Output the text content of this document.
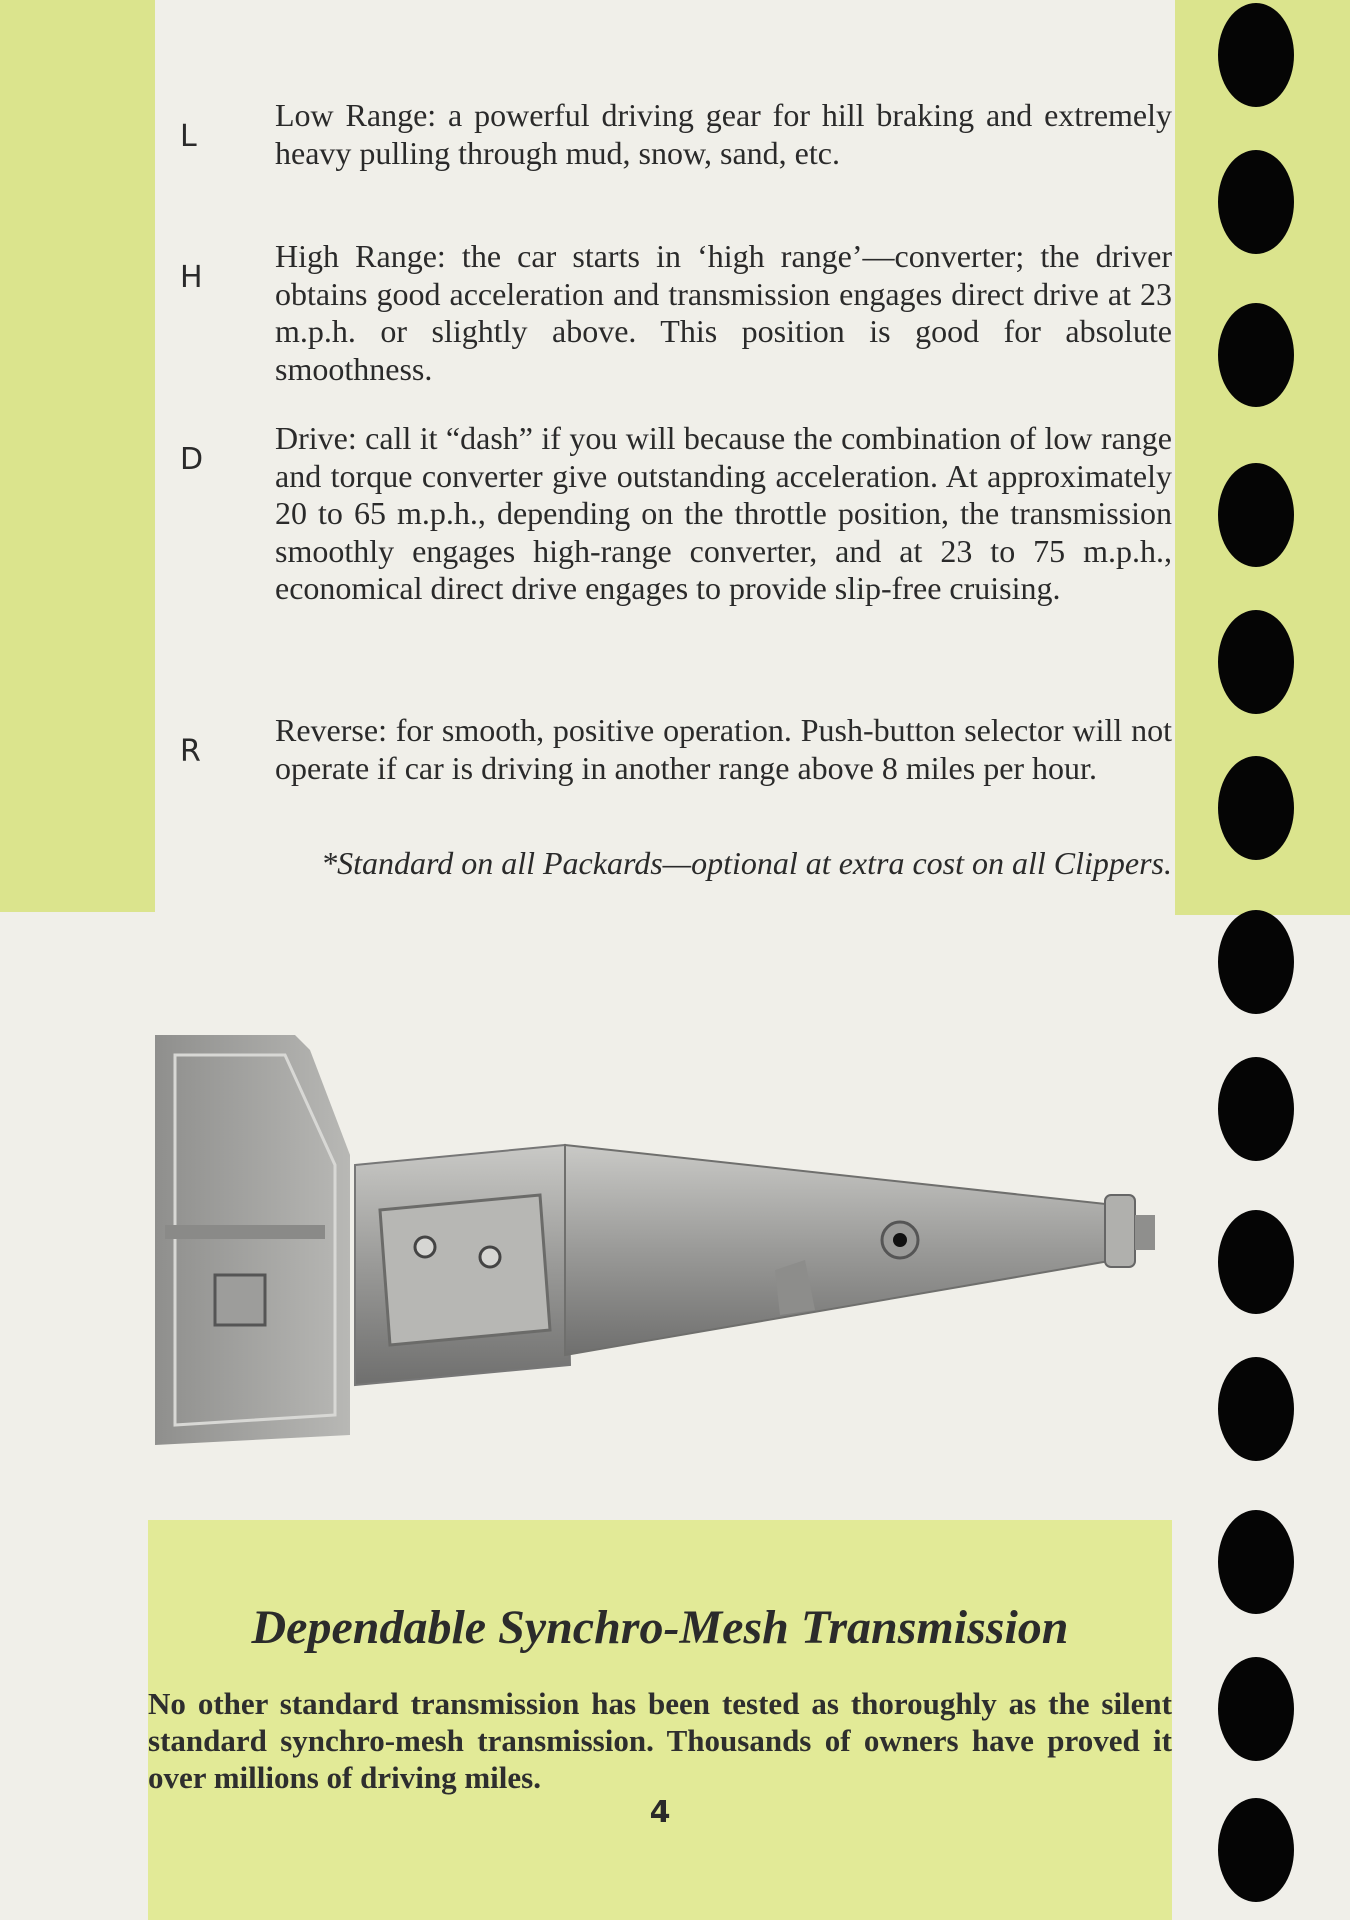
L
Low Range: a powerful driving gear for hill braking and extremely heavy pulling through mud, snow, sand, etc.
H
High Range: the car starts in ‘high range’—converter; the driver obtains good acceleration and transmission engages direct drive at 23 m.p.h. or slightly above. This position is good for absolute smoothness.
D
Drive: call it “dash” if you will because the combination of low range and torque converter give outstanding acceleration. At approximately 20 to 65 m.p.h., depending on the throttle position, the transmission smoothly engages high-range converter, and at 23 to 75 m.p.h., economical direct drive engages to provide slip-free cruising.
R
Reverse: for smooth, positive operation. Push-button selector will not operate if car is driving in another range above 8 miles per hour.
*Standard on all Packards—optional at extra cost on all Clippers.
Dependable Synchro-Mesh Transmission
No other standard transmission has been tested as thoroughly as the silent standard synchro-mesh transmission. Thousands of owners have proved it over millions of driving miles.
4
